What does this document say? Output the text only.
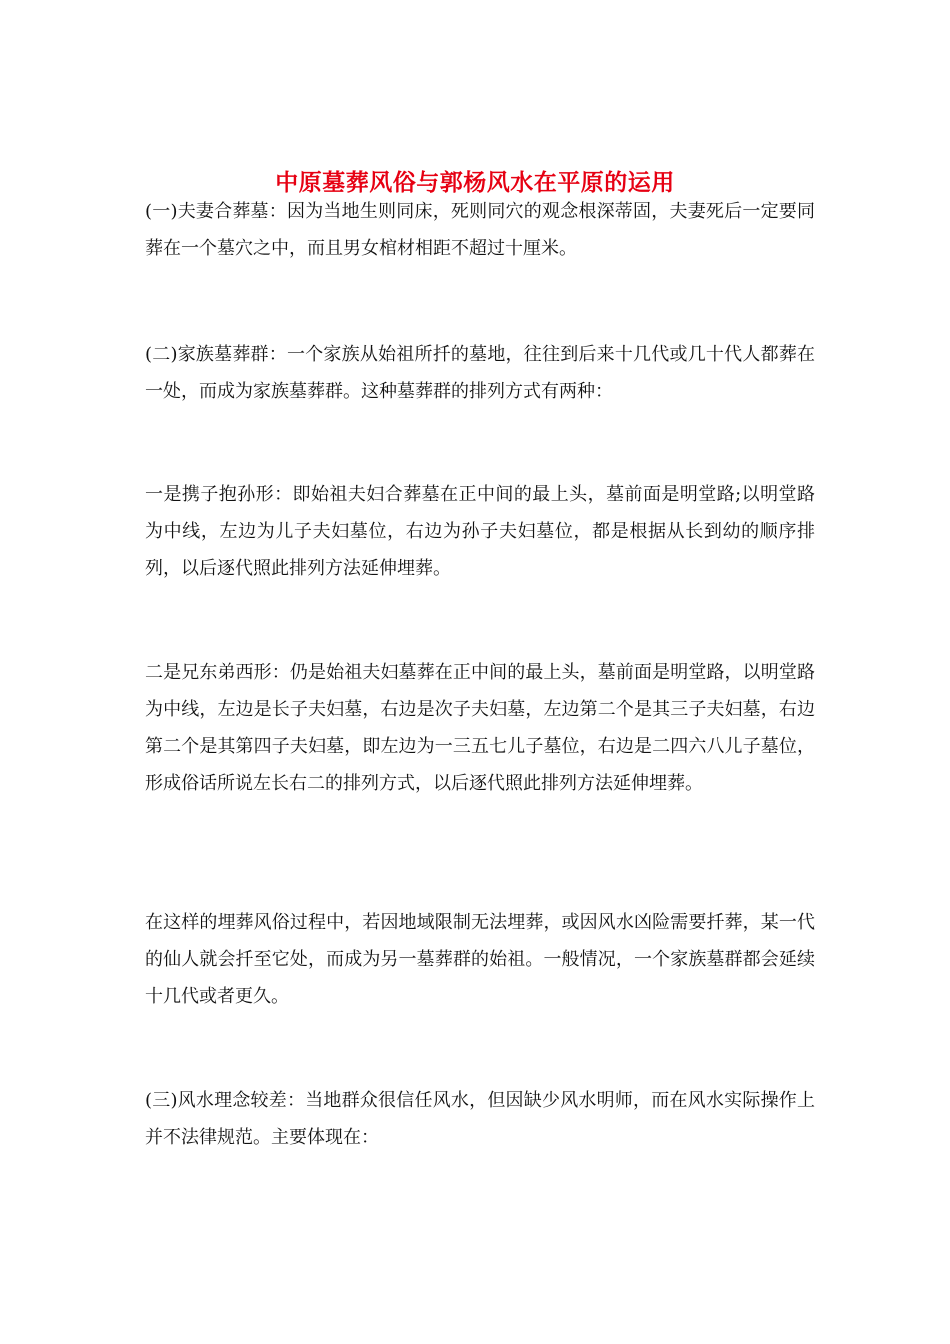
中原墓葬风俗与郭杨风水在平原的运用

(一)夫妻合葬墓：因为当地生则同床，死则同穴的观念根深蒂固，夫妻死后一定要同葬在一个墓穴之中，而且男女棺材相距不超过十厘米。

(二)家族墓葬群：一个家族从始祖所扦的墓地，往往到后来十几代或几十代人都葬在一处，而成为家族墓葬群。这种墓葬群的排列方式有两种：

一是携子抱孙形：即始祖夫妇合葬墓在正中间的最上头，墓前面是明堂路;以明堂路为中线，左边为儿子夫妇墓位，右边为孙子夫妇墓位，都是根据从长到幼的顺序排列，以后逐代照此排列方法延伸埋葬。

二是兄东弟西形：仍是始祖夫妇墓葬在正中间的最上头，墓前面是明堂路，以明堂路为中线，左边是长子夫妇墓，右边是次子夫妇墓，左边第二个是其三子夫妇墓，右边第二个是其第四子夫妇墓，即左边为一三五七儿子墓位，右边是二四六八儿子墓位，形成俗话所说左长右二的排列方式，以后逐代照此排列方法延伸埋葬。

在这样的埋葬风俗过程中，若因地域限制无法埋葬，或因风水凶险需要扦葬，某一代的仙人就会扦至它处，而成为另一墓葬群的始祖。一般情况，一个家族墓群都会延续十几代或者更久。

(三)风水理念较差：当地群众很信任风水，但因缺少风水明师，而在风水实际操作上并不法律规范。主要体现在：
